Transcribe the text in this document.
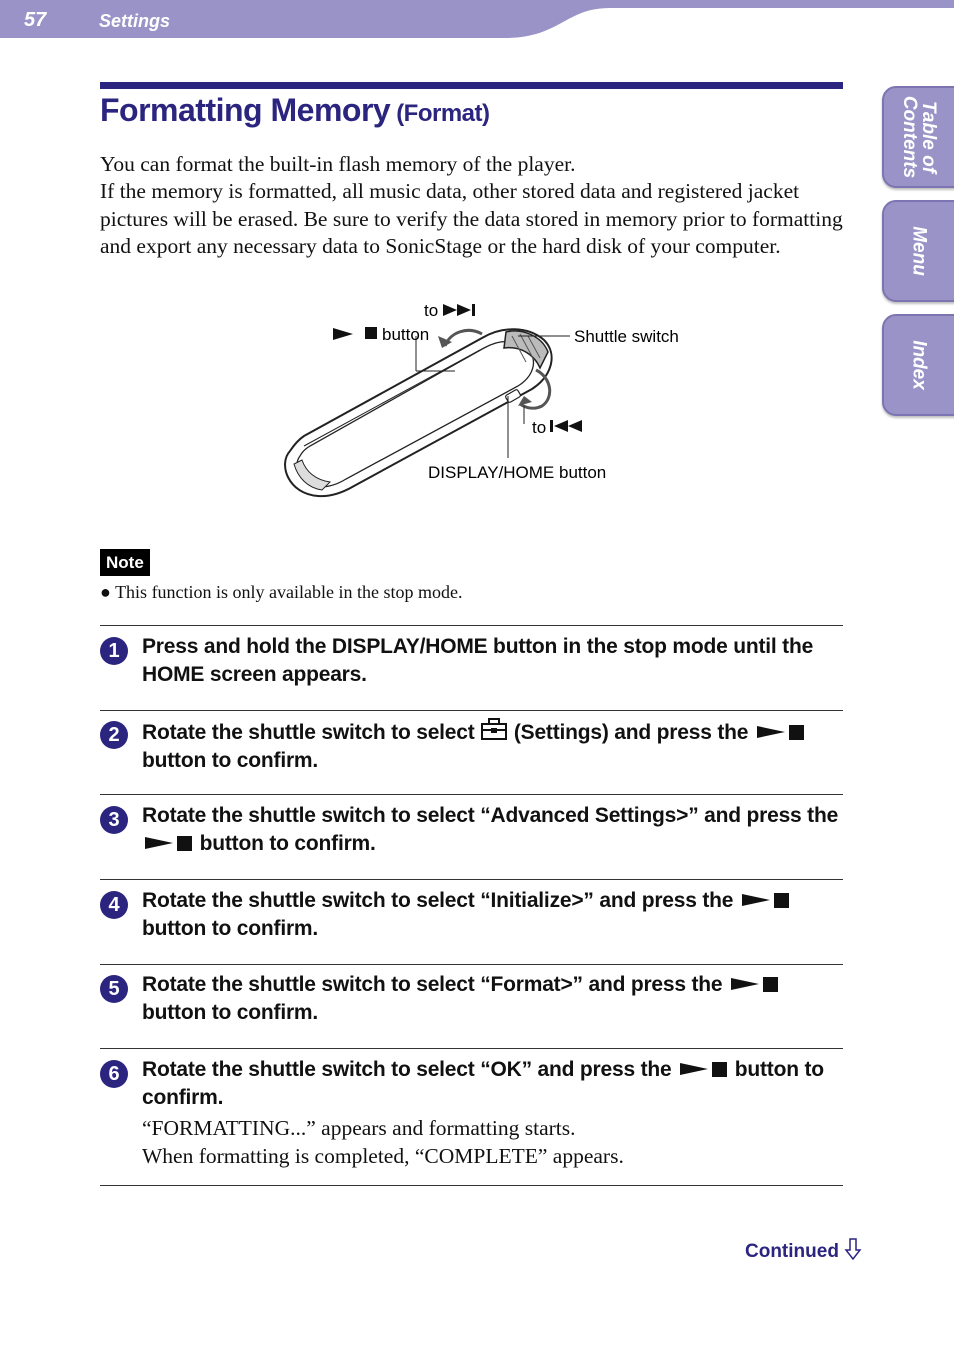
57	Settings
Table of
Contents
Menu
Index
Formatting Memory (Format)

You can format the built-in flash memory of the player.

If the memory is formatted, all music data, other stored data and registered jacket pictures will be erased. Be sure to verify the data stored in memory prior to formatting and export any necessary data to SonicStage or the hard disk of your computer.

to
button	Shuttle switch
to
DISPLAY/HOME button
Note
● This function is only available in the stop mode.
1	Press and hold the DISPLAY/HOME button in the stop mode until the HOME screen appears.

2	Rotate the shuttle switch to select  (Settings) and press the  button to confirm.

3	Rotate the shuttle switch to select “Advanced Settings>” and press the  button to confirm.

4	Rotate the shuttle switch to select “Initialize>” and press the  button to confirm.

5	Rotate the shuttle switch to select “Format>” and press the  button to confirm.

6	Rotate the shuttle switch to select “OK” and press the  button to confirm.

“FORMATTING...” appears and formatting starts.

When formatting is completed, “COMPLETE” appears.

Continued
